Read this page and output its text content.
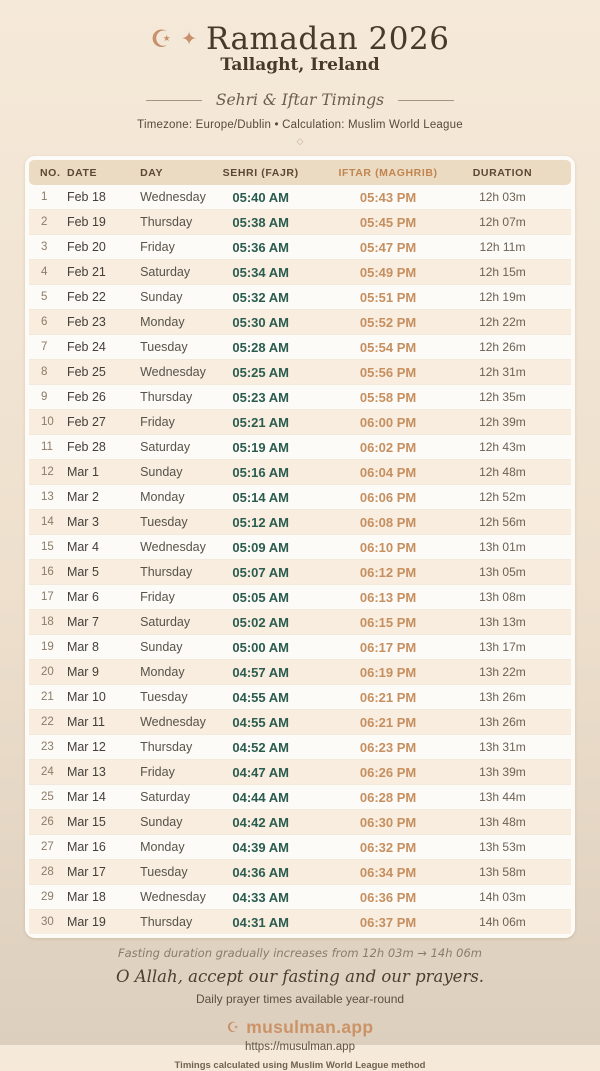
☪ ✦ Ramadan 2026
Tallaght, Ireland
Sehri & Iftar Timings
Timezone: Europe/Dublin • Calculation: Muslim World League
◇
NO.	DATE	DAY	SEHRI (FAJR)	IFTAR (MAGHRIB)	DURATION
1	Feb 18	Wednesday	05:40 AM	05:43 PM	12h 03m
2	Feb 19	Thursday	05:38 AM	05:45 PM	12h 07m
3	Feb 20	Friday	05:36 AM	05:47 PM	12h 11m
4	Feb 21	Saturday	05:34 AM	05:49 PM	12h 15m
5	Feb 22	Sunday	05:32 AM	05:51 PM	12h 19m
6	Feb 23	Monday	05:30 AM	05:52 PM	12h 22m
7	Feb 24	Tuesday	05:28 AM	05:54 PM	12h 26m
8	Feb 25	Wednesday	05:25 AM	05:56 PM	12h 31m
9	Feb 26	Thursday	05:23 AM	05:58 PM	12h 35m
10	Feb 27	Friday	05:21 AM	06:00 PM	12h 39m
11	Feb 28	Saturday	05:19 AM	06:02 PM	12h 43m
12	Mar 1	Sunday	05:16 AM	06:04 PM	12h 48m
13	Mar 2	Monday	05:14 AM	06:06 PM	12h 52m
14	Mar 3	Tuesday	05:12 AM	06:08 PM	12h 56m
15	Mar 4	Wednesday	05:09 AM	06:10 PM	13h 01m
16	Mar 5	Thursday	05:07 AM	06:12 PM	13h 05m
17	Mar 6	Friday	05:05 AM	06:13 PM	13h 08m
18	Mar 7	Saturday	05:02 AM	06:15 PM	13h 13m
19	Mar 8	Sunday	05:00 AM	06:17 PM	13h 17m
20	Mar 9	Monday	04:57 AM	06:19 PM	13h 22m
21	Mar 10	Tuesday	04:55 AM	06:21 PM	13h 26m
22	Mar 11	Wednesday	04:55 AM	06:21 PM	13h 26m
23	Mar 12	Thursday	04:52 AM	06:23 PM	13h 31m
24	Mar 13	Friday	04:47 AM	06:26 PM	13h 39m
25	Mar 14	Saturday	04:44 AM	06:28 PM	13h 44m
26	Mar 15	Sunday	04:42 AM	06:30 PM	13h 48m
27	Mar 16	Monday	04:39 AM	06:32 PM	13h 53m
28	Mar 17	Tuesday	04:36 AM	06:34 PM	13h 58m
29	Mar 18	Wednesday	04:33 AM	06:36 PM	14h 03m
30	Mar 19	Thursday	04:31 AM	06:37 PM	14h 06m
Fasting duration gradually increases from 12h 03m → 14h 06m
O Allah, accept our fasting and our prayers.
Daily prayer times available year-round
☪ musulman.app
https://musulman.app
Timings calculated using Muslim World League method
